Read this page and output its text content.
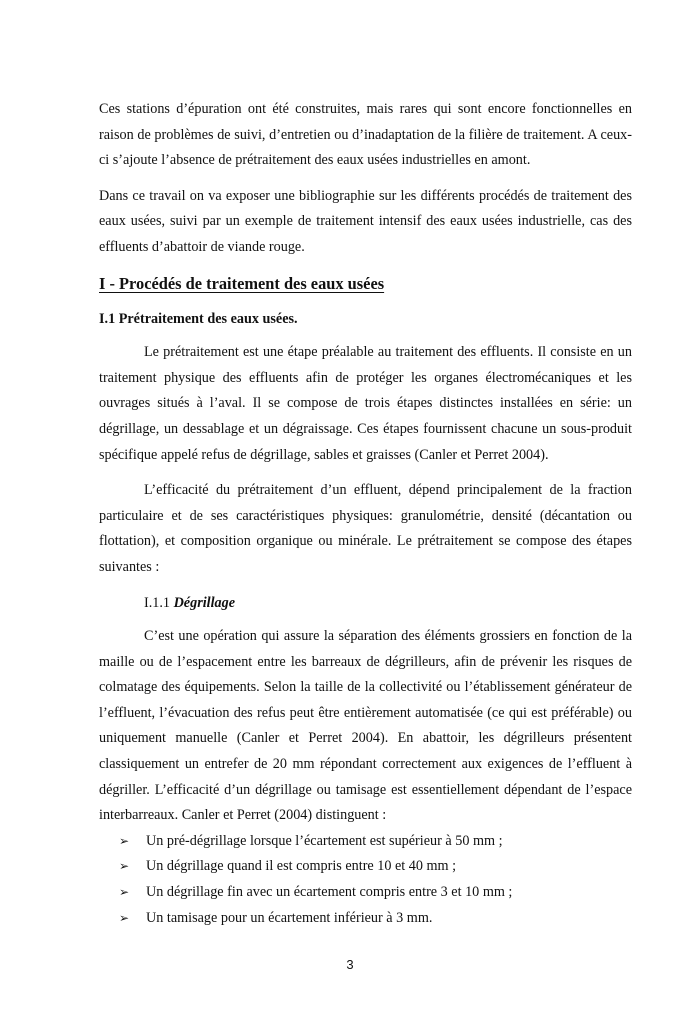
Ces stations d’épuration ont été construites, mais rares qui sont encore fonctionnelles en raison de problèmes de suivi, d’entretien ou d’inadaptation de la filière de traitement. A ceux-ci s’ajoute l’absence de prétraitement des eaux usées industrielles en amont.

Dans ce travail on va exposer une bibliographie sur les différents procédés de traitement des eaux usées, suivi par un exemple de traitement intensif des eaux usées industrielle, cas des effluents d’abattoir de viande rouge.

I - Procédés de traitement des eaux usées
I.1 Prétraitement des eaux usées.

Le prétraitement est une étape préalable au traitement des effluents. Il consiste en un traitement physique des effluents afin de protéger les organes électromécaniques et les ouvrages situés à l’aval. Il se compose de trois étapes distinctes installées en série: un dégrillage, un dessablage et un dégraissage. Ces étapes fournissent chacune un sous-produit spécifique appelé refus de dégrillage, sables et graisses (Canler et Perret 2004).

L’efficacité du prétraitement d’un effluent, dépend principalement de la fraction particulaire et de ses caractéristiques physiques: granulométrie, densité (décantation ou flottation), et composition organique ou minérale. Le prétraitement se compose des étapes suivantes :

I.1.1 Dégrillage

C’est une opération qui assure la séparation des éléments grossiers en fonction de la maille ou de l’espacement entre les barreaux de dégrilleurs, afin de prévenir les risques de colmatage des équipements. Selon la taille de la collectivité ou l’établissement générateur de l’effluent, l’évacuation des refus peut être entièrement automatisée (ce qui est préférable) ou uniquement manuelle (Canler et Perret 2004). En abattoir, les dégrilleurs présentent classiquement un entrefer de 20 mm répondant correctement aux exigences de l’effluent à dégriller. L’efficacité d’un dégrillage ou tamisage est essentiellement dépendant de l’espace interbarreaux. Canler et Perret (2004) distinguent :

➢	Un pré-dégrillage lorsque l’écartement est supérieur à 50 mm ;
➢	Un dégrillage quand il est compris entre 10 et 40 mm ;
➢	Un dégrillage fin avec un écartement compris entre 3 et 10 mm ;
➢	Un tamisage pour un écartement inférieur à 3 mm.
3
